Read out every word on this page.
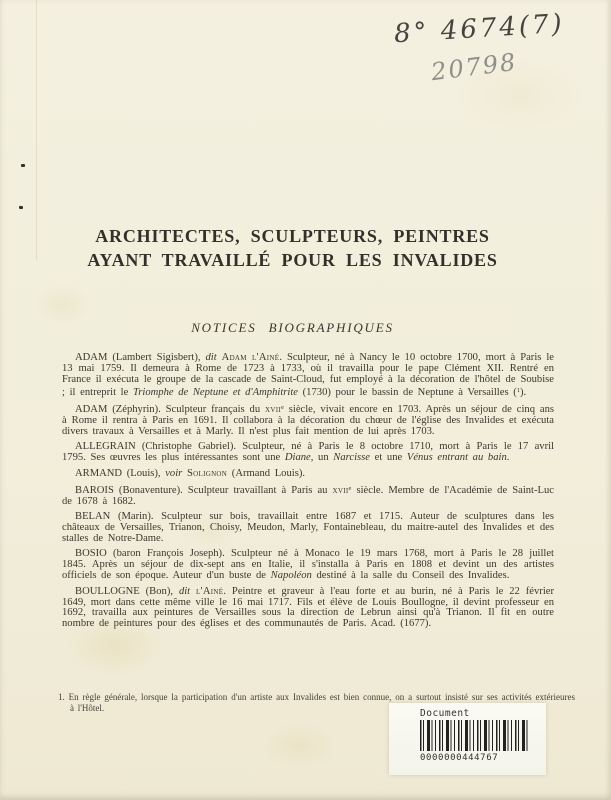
8° 4674(7)
20798
ARCHITECTES, SCULPTEURS, PEINTRES
AYANT TRAVAILLÉ POUR LES INVALIDES
NOTICES BIOGRAPHIQUES

ADAM (Lambert Sigisbert), dit Adam l'Ainé. Sculpteur, né à Nancy le 10 octobre 1700, mort à Paris le 13 mai 1759. Il demeura à Rome de 1723 à 1733, où il travailla pour le pape Clément XII. Rentré en France il exécuta le groupe de la cascade de Saint-Cloud, fut employé à la décoration de l'hôtel de Soubise ; il entreprit le Triomphe de Neptune et d'Amphitrite (1730) pour le bassin de Neptune à Versailles ($^1$).

ADAM (Zéphyrin). Sculpteur français du xvii$^e$ siècle, vivait encore en 1703. Après un séjour de cinq ans à Rome il rentra à Paris en 1691. Il collabora à la décoration du chœur de l'église des Invalides et exécuta divers travaux à Versailles et à Marly. Il n'est plus fait mention de lui après 1703.

ALLEGRAIN (Christophe Gabriel). Sculpteur, né à Paris le 8 octobre 1710, mort à Paris le 17 avril 1795. Ses œuvres les plus intéressantes sont une Diane, un Narcisse et une Vénus entrant au bain.

ARMAND (Louis), voir Solignon (Armand Louis).

BAROIS (Bonaventure). Sculpteur travaillant à Paris au xvii$^e$ siècle. Membre de l'Académie de Saint-Luc de 1678 à 1682.

BELAN (Marin). Sculpteur sur bois, travaillait entre 1687 et 1715. Auteur de sculptures dans les châteaux de Versailles, Trianon, Choisy, Meudon, Marly, Fontainebleau, du maitre-autel des Invalides et des stalles de Notre-Dame.

BOSIO (baron François Joseph). Sculpteur né à Monaco le 19 mars 1768, mort à Paris le 28 juillet 1845. Après un séjour de dix-sept ans en Italie, il s'installa à Paris en 1808 et devint un des artistes officiels de son époque. Auteur d'un buste de Napoléon destiné à la salle du Conseil des Invalides.

BOULLOGNE (Bon), dit l'Ainé. Peintre et graveur à l'eau forte et au burin, né à Paris le 22 février 1649, mort dans cette même ville le 16 mai 1717. Fils et élève de Louis Boullogne, il devint professeur en 1692, travailla aux peintures de Versailles sous la direction de Lebrun ainsi qu'à Trianon. Il fit en outre nombre de peintures pour des églises et des communautés de Paris. Acad. (1677).

1. En règle générale, lorsque la participation d'un artiste aux Invalides est bien connue, on a surtout insisté sur ses activités extérieures à l'Hôtel.
Document
0000000444767
